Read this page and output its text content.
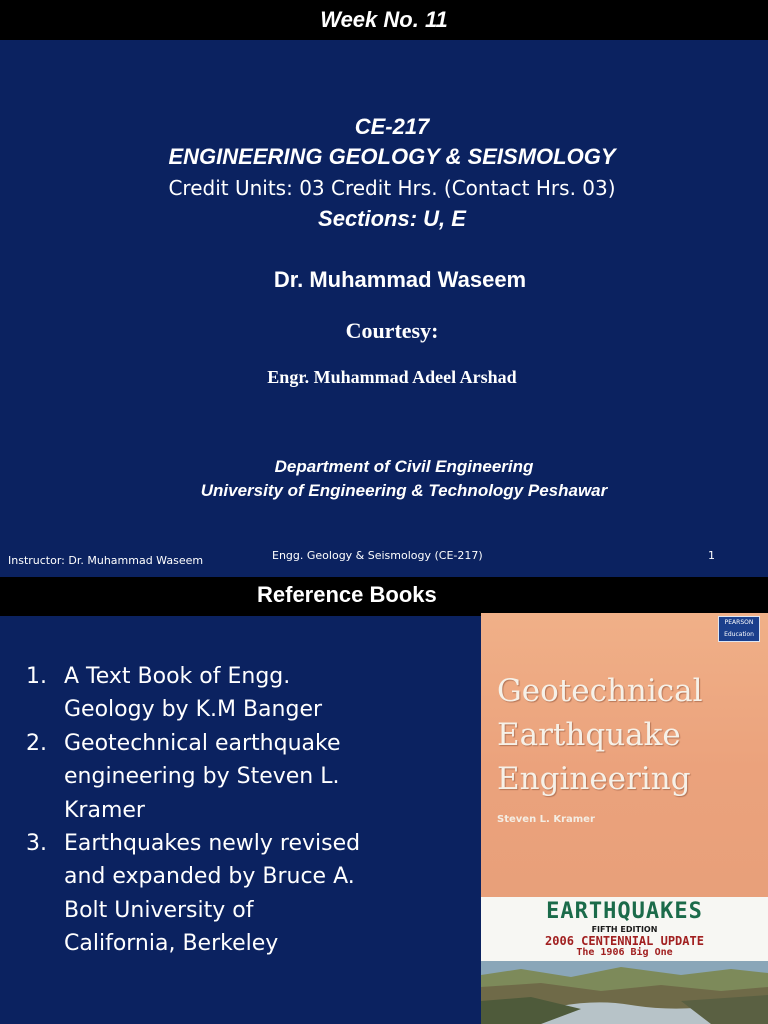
Week No. 11
CE-217
ENGINEERING GEOLOGY & SEISMOLOGY
Credit Units: 03 Credit Hrs. (Contact Hrs. 03)
Sections: U, E
Dr. Muhammad Waseem
Courtesy:
Engr. Muhammad Adeel Arshad
Department of Civil Engineering
University of Engineering & Technology Peshawar
Instructor: Dr. Muhammad Waseem	Engg. Geology & Seismology (CE-217)	1
Reference Books
1. A Text Book of Engg. Geology by K.M Banger
2. Geotechnical earthquake engineering by Steven L. Kramer
3. Earthquakes newly revised and expanded by Bruce A. Bolt University of California, Berkeley
PEARSON
Education
Geotechnical
Earthquake
Engineering
Steven L. Kramer
EARTHQUAKES
FIFTH EDITION
2006 CENTENNIAL UPDATE
The 1906 Big One
